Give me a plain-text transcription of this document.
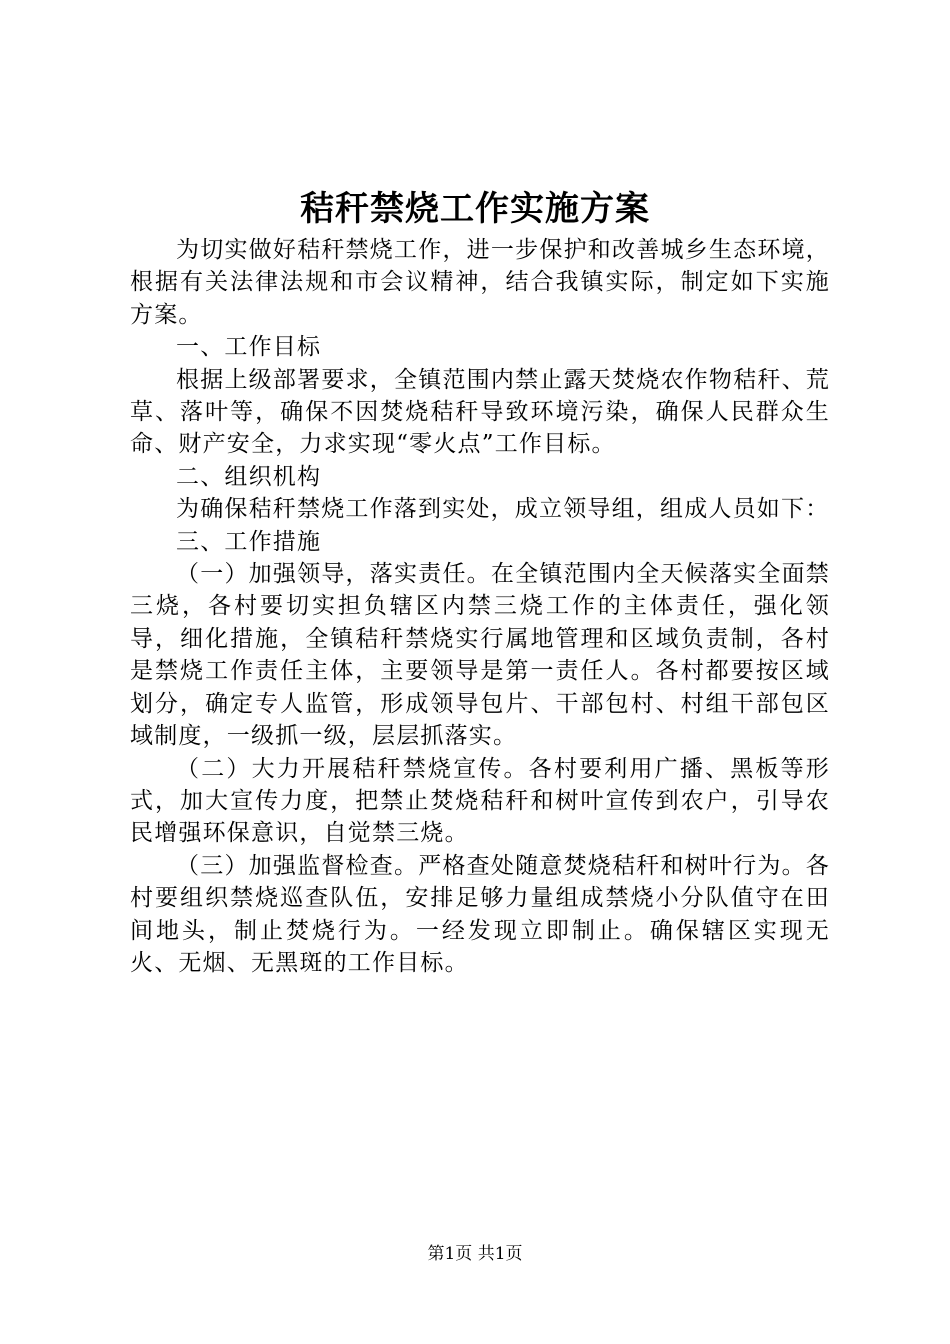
秸秆禁烧工作实施方案

为切实做好秸秆禁烧工作，进一步保护和改善城乡生态环境，根据有关法律法规和市会议精神，结合我镇实际，制定如下实施方案。

一、工作目标

根据上级部署要求，全镇范围内禁止露天焚烧农作物秸秆、荒草、落叶等，确保不因焚烧秸秆导致环境污染，确保人民群众生命、财产安全，力求实现“零火点”工作目标。

二、组织机构

为确保秸秆禁烧工作落到实处，成立领导组，组成人员如下：

三、工作措施

（一）加强领导，落实责任。在全镇范围内全天候落实全面禁三烧，各村要切实担负辖区内禁三烧工作的主体责任，强化领导，细化措施，全镇秸秆禁烧实行属地管理和区域负责制，各村是禁烧工作责任主体，主要领导是第一责任人。各村都要按区域划分，确定专人监管，形成领导包片、干部包村、村组干部包区域制度，一级抓一级，层层抓落实。

（二）大力开展秸秆禁烧宣传。各村要利用广播、黑板等形式，加大宣传力度，把禁止焚烧秸秆和树叶宣传到农户，引导农民增强环保意识，自觉禁三烧。

（三）加强监督检查。严格查处随意焚烧秸秆和树叶行为。各村要组织禁烧巡查队伍，安排足够力量组成禁烧小分队值守在田间地头，制止焚烧行为。一经发现立即制止。确保辖区实现无火、无烟、无黑斑的工作目标。

第1页 共1页
